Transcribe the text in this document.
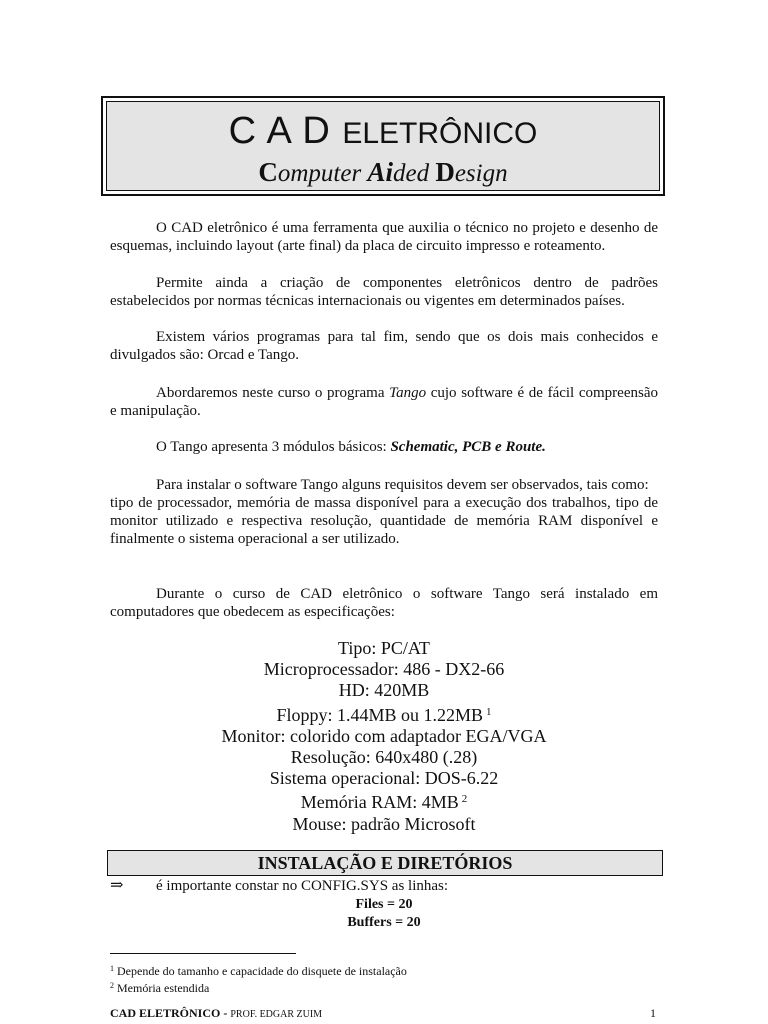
C A D ELETRÔNICO
Computer Aided Design
O CAD eletrônico é uma ferramenta que auxilia o técnico no projeto e desenho de esquemas, incluindo layout (arte final) da placa de circuito impresso e roteamento.
Permite ainda a criação de componentes eletrônicos dentro de padrões estabelecidos por normas técnicas internacionais ou vigentes em determinados países.
Existem vários programas para tal fim, sendo que os dois mais conhecidos e divulgados são: Orcad e Tango.
Abordaremos neste curso o programa Tango cujo software é de fácil compreensão e manipulação.
O Tango apresenta 3 módulos básicos: Schematic, PCB e Route.
Para instalar o software Tango alguns requisitos devem ser observados, tais como:
tipo de processador, memória de massa disponível para a execução dos trabalhos, tipo de monitor utilizado e respectiva resolução, quantidade de memória RAM disponível e finalmente o sistema operacional a ser utilizado.
Durante o curso de CAD eletrônico o software Tango será instalado em computadores que obedecem as especificações:
Tipo: PC/AT
Microprocessador: 486 - DX2-66
HD: 420MB
Floppy: 1.44MB ou 1.22MB $^1$
Monitor: colorido com adaptador EGA/VGA
Resolução: 640x480 (.28)
Sistema operacional: DOS-6.22
Memória RAM: 4MB $^2$
Mouse: padrão Microsoft
INSTALAÇÃO E DIRETÓRIOS
⇒ é importante constar no CONFIG.SYS as linhas:
Files = 20
Buffers = 20
$^1$ Depende do tamanho e capacidade do disquete de instalação
$^2$ Memória estendida
CAD ELETRÔNICO - PROF. EDGAR ZUIM	1
